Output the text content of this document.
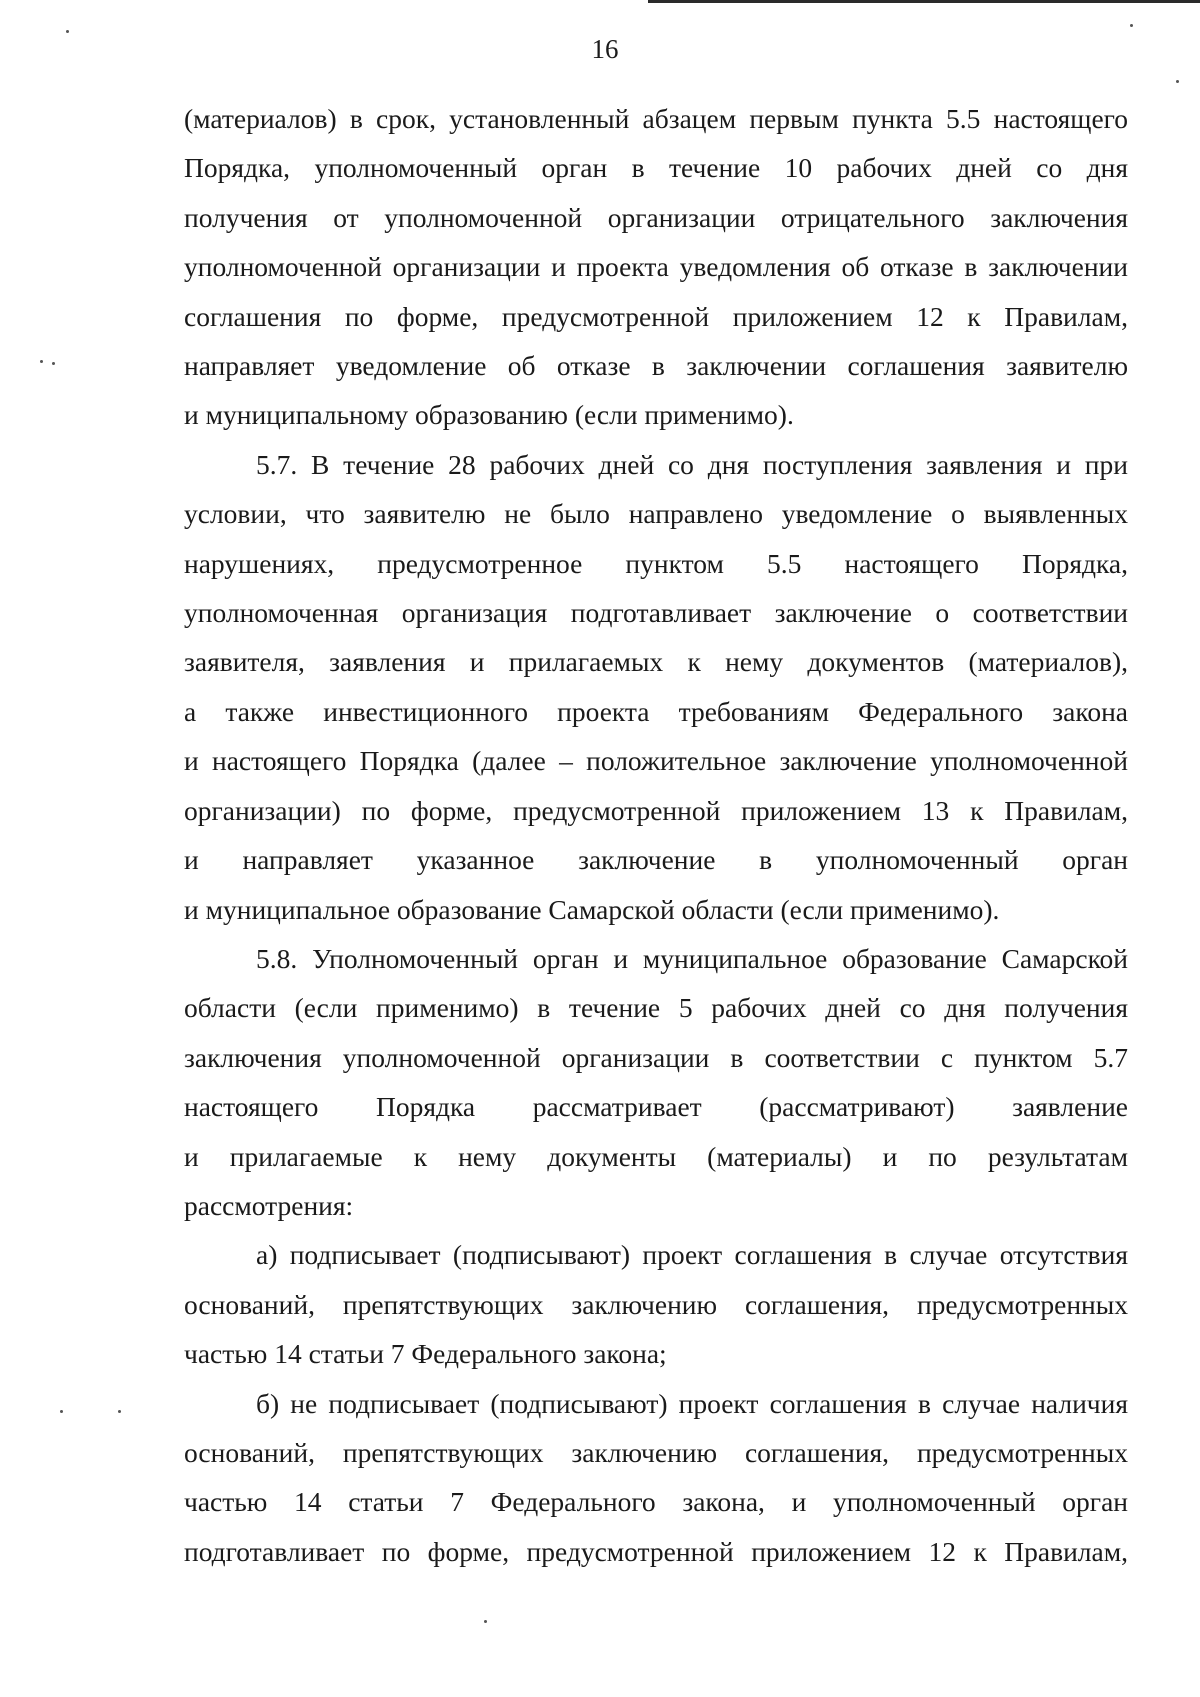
16
(материалов) в срок, установленный абзацем первым пункта 5.5 настоящего
Порядка, уполномоченный орган в течение 10 рабочих дней со дня
получения от уполномоченной организации отрицательного заключения
уполномоченной организации и проекта уведомления об отказе в заключении
соглашения по форме, предусмотренной приложением 12 к Правилам,
направляет уведомление об отказе в заключении соглашения заявителю
и муниципальному образованию (если применимо).
5.7. В течение 28 рабочих дней со дня поступления заявления и при
условии, что заявителю не было направлено уведомление о выявленных
нарушениях, предусмотренное пунктом 5.5 настоящего Порядка,
уполномоченная организация подготавливает заключение о соответствии
заявителя, заявления и прилагаемых к нему документов (материалов),
а также инвестиционного проекта требованиям Федерального закона
и настоящего Порядка (далее – положительное заключение уполномоченной
организации) по форме, предусмотренной приложением 13 к Правилам,
и направляет указанное заключение в уполномоченный орган
и муниципальное образование Самарской области (если применимо).
5.8. Уполномоченный орган и муниципальное образование Самарской
области (если применимо) в течение 5 рабочих дней со дня получения
заключения уполномоченной организации в соответствии с пунктом 5.7
настоящего Порядка рассматривает (рассматривают) заявление
и прилагаемые к нему документы (материалы) и по результатам
рассмотрения:
а) подписывает (подписывают) проект соглашения в случае отсутствия
оснований, препятствующих заключению соглашения, предусмотренных
частью 14 статьи 7 Федерального закона;
б) не подписывает (подписывают) проект соглашения в случае наличия
оснований, препятствующих заключению соглашения, предусмотренных
частью 14 статьи 7 Федерального закона, и уполномоченный орган
подготавливает по форме, предусмотренной приложением 12 к Правилам,
